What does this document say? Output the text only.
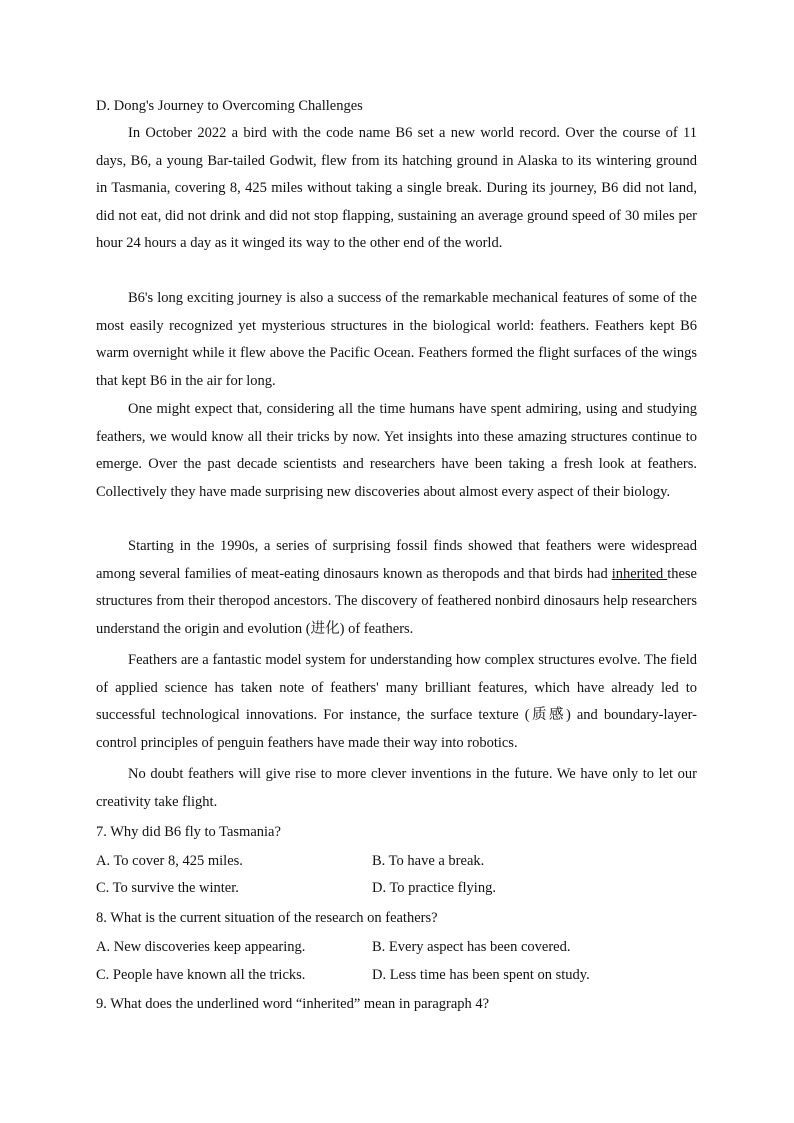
D. Dong's Journey to Overcoming Challenges
In October 2022 a bird with the code name B6 set a new world record. Over the course of 11 days, B6, a young Bar-tailed Godwit, flew from its hatching ground in Alaska to its wintering ground in Tasmania, covering 8, 425 miles without taking a single break. During its journey, B6 did not land, did not eat, did not drink and did not stop flapping, sustaining an average ground speed of 30 miles per hour 24 hours a day as it winged its way to the other end of the world.
B6's long exciting journey is also a success of the remarkable mechanical features of some of the most easily recognized yet mysterious structures in the biological world: feathers. Feathers kept B6 warm overnight while it flew above the Pacific Ocean. Feathers formed the flight surfaces of the wings that kept B6 in the air for long.
One might expect that, considering all the time humans have spent admiring, using and studying feathers, we would know all their tricks by now. Yet insights into these amazing structures continue to emerge. Over the past decade scientists and researchers have been taking a fresh look at feathers. Collectively they have made surprising new discoveries about almost every aspect of their biology.
Starting in the 1990s, a series of surprising fossil finds showed that feathers were widespread among several families of meat-eating dinosaurs known as theropods and that birds had inherited these structures from their theropod ancestors. The discovery of feathered nonbird dinosaurs help researchers understand the origin and evolution (进化) of feathers.
Feathers are a fantastic model system for understanding how complex structures evolve. The field of applied science has taken note of feathers' many brilliant features, which have already led to successful technological innovations. For instance, the surface texture (质感) and boundary-layer-control principles of penguin feathers have made their way into robotics.
No doubt feathers will give rise to more clever inventions in the future. We have only to let our creativity take flight.
7. Why did B6 fly to Tasmania?
A. To cover 8, 425 miles.	B. To have a break.
C. To survive the winter.	D. To practice flying.
8. What is the current situation of the research on feathers?
A. New discoveries keep appearing.	B. Every aspect has been covered.
C. People have known all the tricks.	D. Less time has been spent on study.
9. What does the underlined word “inherited” mean in paragraph 4?
